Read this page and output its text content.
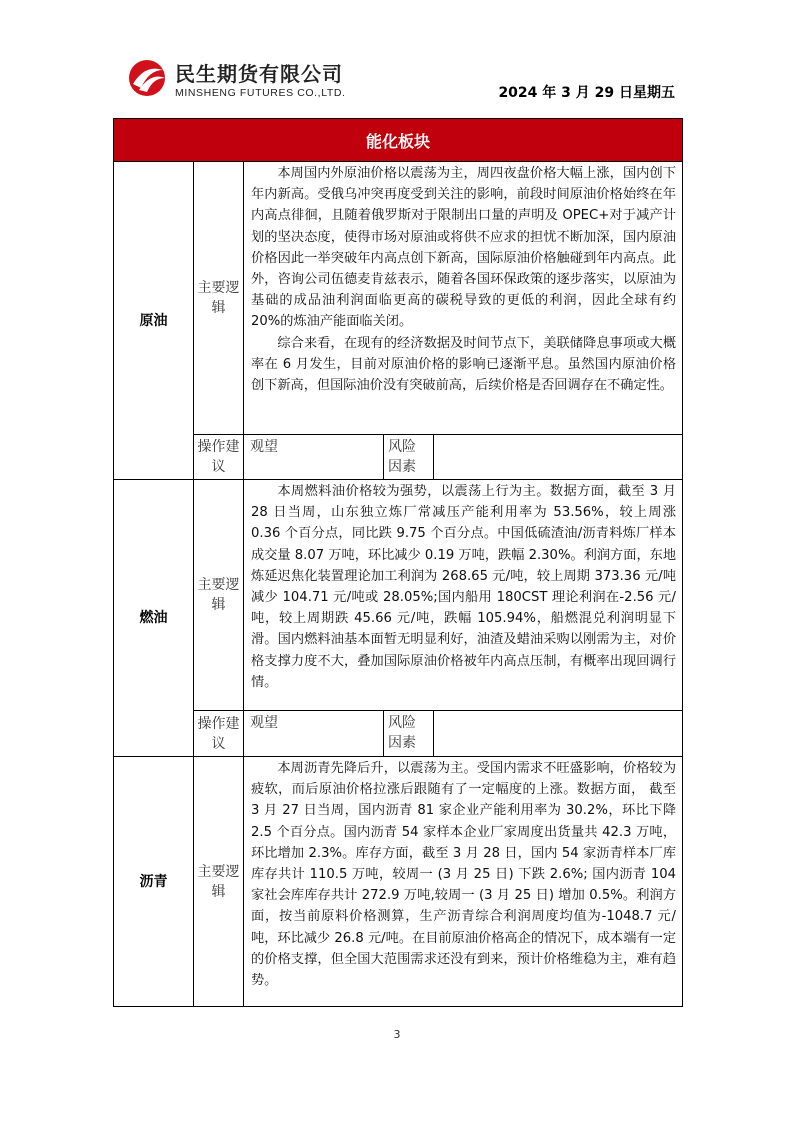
民生期货有限公司
MINSHENG FUTURES CO.,LTD.	2024 年 3 月 29 日星期五
能化板块				
原油	主要逻辑	本周国内外原油价格以震荡为主，周四夜盘价格大幅上涨，国内创下年内新高。受俄乌冲突再度受到关注的影响，前段时间原油价格始终在年内高点徘徊，且随着俄罗斯对于限制出口量的声明及 OPEC+对于减产计划的坚决态度，使得市场对原油或将供不应求的担忧不断加深，国内原油价格因此一举突破年内高点创下新高，国际原油价格触碰到年内高点。此外，咨询公司伍德麦肯兹表示，随着各国环保政策的逐步落实，以原油为基础的成品油利润面临更高的碳税导致的更低的利润，因此全球有约 20%的炼油产能面临关闭。

综合来看，在现有的经济数据及时间节点下，美联储降息事项或大概率在 6 月发生，目前对原油价格的影响已逐渐平息。虽然国内原油价格创下新高，但国际油价没有突破前高，后续价格是否回调存在不确定性。		

	操作建议	观望	风险因素	
燃油	主要逻辑	本周燃料油价格较为强势，以震荡上行为主。数据方面，截至 3 月 28 日当周，山东独立炼厂常减压产能利用率为 53.56%，较上周涨 0.36 个百分点，同比跌 9.75 个百分点。中国低硫渣油/沥青料炼厂样本成交量 8.07 万吨，环比减少 0.19 万吨，跌幅 2.30%。利润方面，东地炼延迟焦化装置理论加工利润为 268.65 元/吨，较上周期 373.36 元/吨减少 104.71 元/吨或 28.05%;国内船用 180CST 理论利润在-2.56 元/吨，较上周期跌 45.66 元/吨，跌幅 105.94%，船燃混兑利润明显下滑。国内燃料油基本面暂无明显利好，油渣及蜡油采购以刚需为主，对价格支撑力度不大，叠加国际原油价格被年内高点压制，有概率出现回调行情。		

	操作建议	观望	风险因素	
沥青	主要逻辑	本周沥青先降后升，以震荡为主。受国内需求不旺盛影响，价格较为疲软，而后原油价格拉涨后跟随有了一定幅度的上涨。数据方面， 截至 3 月 27 日当周，国内沥青 81 家企业产能利用率为 30.2%，环比下降 2.5 个百分点。国内沥青 54 家样本企业厂家周度出货量共 42.3 万吨，环比增加 2.3%。库存方面，截至 3 月 28 日，国内 54 家沥青样本厂库库存共计 110.5 万吨，较周一 (3 月 25 日) 下跌 2.6%; 国内沥青 104 家社会库库存共计 272.9 万吨,较周一 (3 月 25 日) 增加 0.5%。利润方面，按当前原料价格测算，生产沥青综合利润周度均值为-1048.7 元/吨，环比减少 26.8 元/吨。在目前原油价格高企的情况下，成本端有一定的价格支撑，但全国大范围需求还没有到来，预计价格维稳为主，难有趋势。		

3
